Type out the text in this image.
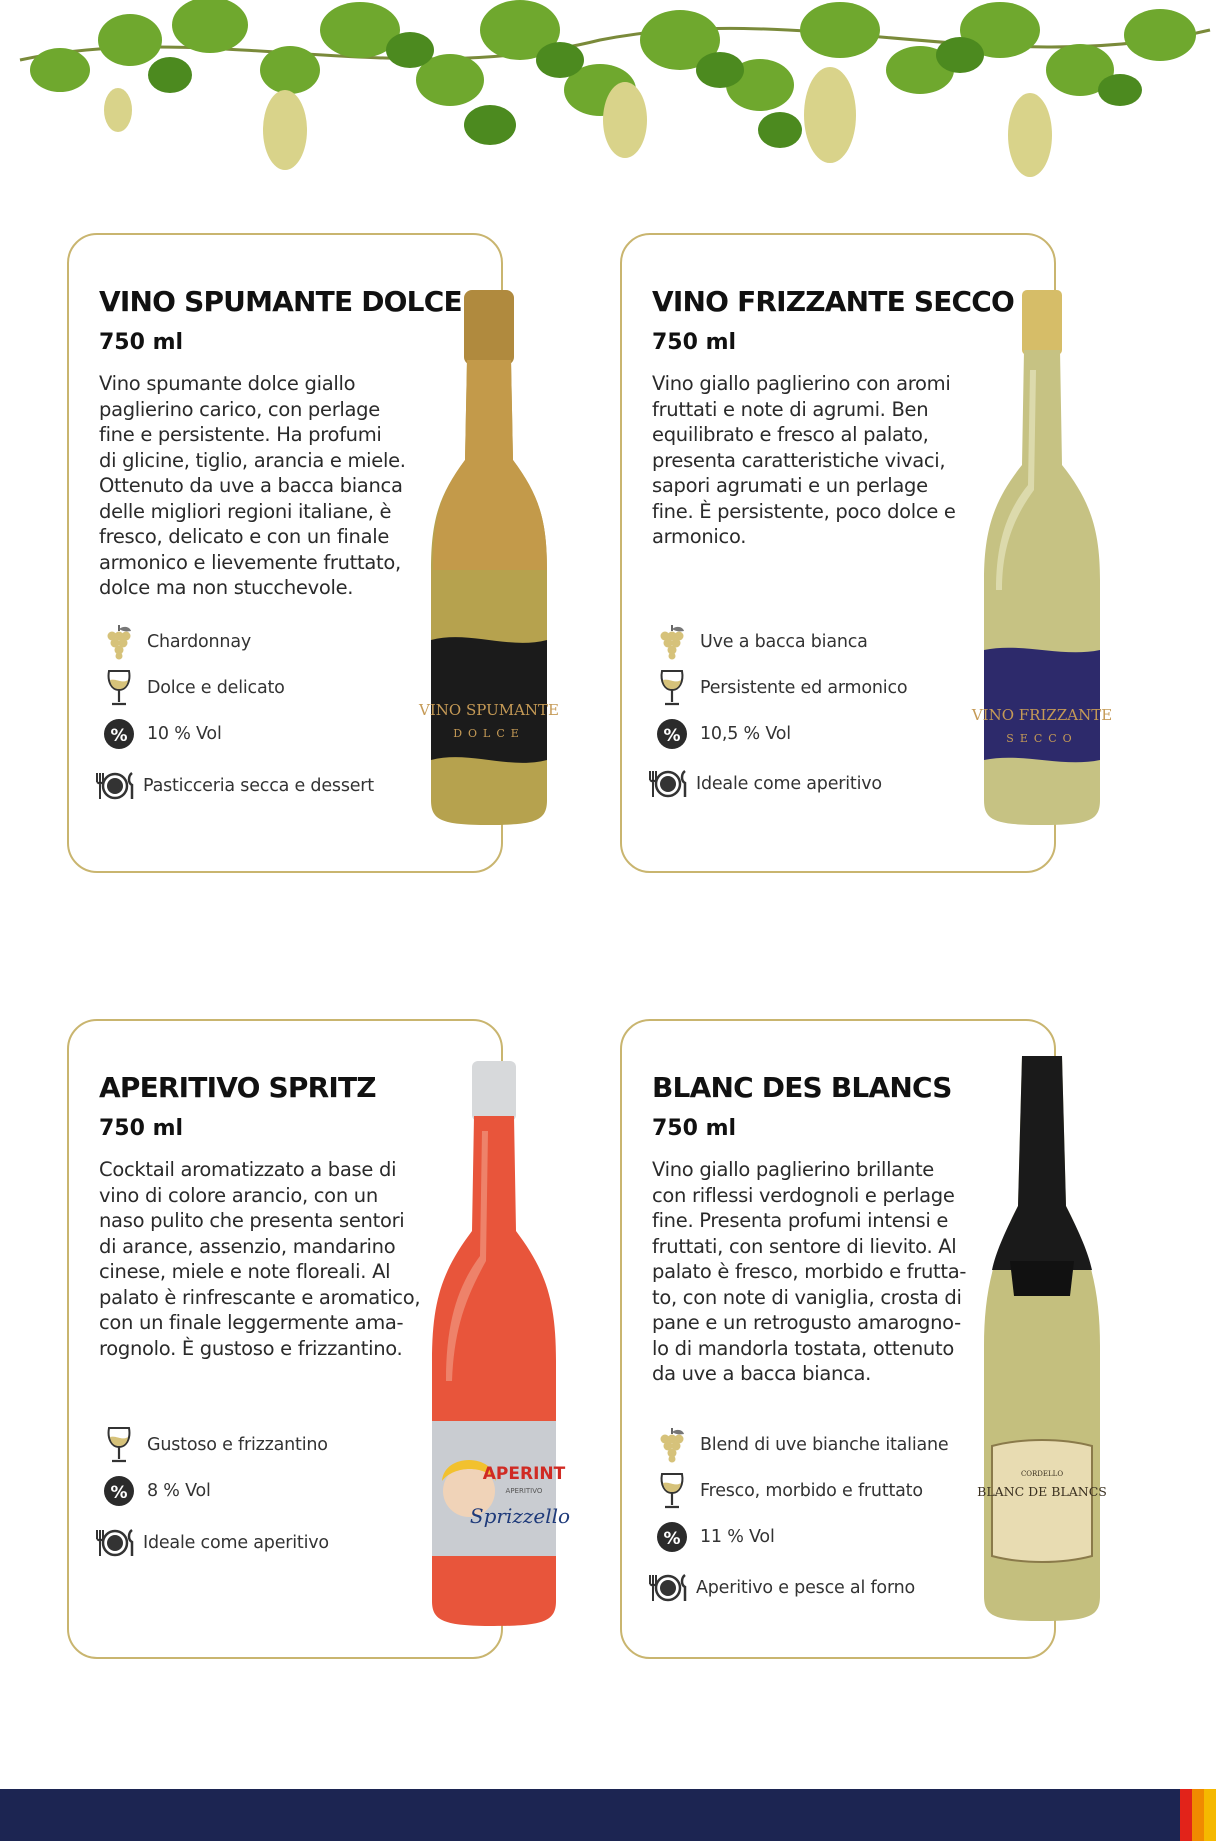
VINO SPUMANTE DOLCE
750 ml
Vino spumante dolce giallo
paglierino carico, con perlage
fine e persistente. Ha profumi
di glicine, tiglio, arancia e miele.
Ottenuto da uve a bacca bianca
delle migliori regioni italiane, è
fresco, delicato e con un finale
armonico e lievemente fruttato,
dolce ma non stucchevole.
Chardonnay
Dolce e delicato
% 10 % Vol
Pasticceria secca e dessert
VINO SPUMANTE
DOLCE
VINO FRIZZANTE SECCO
750 ml
Vino giallo paglierino con aromi
fruttati e note di agrumi. Ben
equilibrato e fresco al palato,
presenta caratteristiche vivaci,
sapori agrumati e un perlage
fine. È persistente, poco dolce e
armonico.
Uve a bacca bianca
Persistente ed armonico
% 10,5 % Vol
Ideale come aperitivo
VINO FRIZZANTE
SECCO
APERITIVO SPRITZ
750 ml
Cocktail aromatizzato a base di
vino di colore arancio, con un
naso pulito che presenta sentori
di arance, assenzio, mandarino
cinese, miele e note floreali. Al
palato è rinfrescante e aromatico,
con un finale leggermente ama-
rognolo. È gustoso e frizzantino.
Gustoso e frizzantino
% 8 % Vol
Ideale come aperitivo
APERINT
APERITIVO
Sprizzello
BLANC DES BLANCS
750 ml
Vino giallo paglierino brillante
con riflessi verdognoli e perlage
fine. Presenta profumi intensi e
fruttati, con sentore di lievito. Al
palato è fresco, morbido e frutta-
to, con note di vaniglia, crosta di
pane e un retrogusto amarogno-
lo di mandorla tostata, ottenuto
da uve a bacca bianca.
Blend di uve bianche italiane
Fresco, morbido e fruttato
% 11 % Vol
Aperitivo e pesce al forno
BLANC DE BLANCS
CORDELLO
